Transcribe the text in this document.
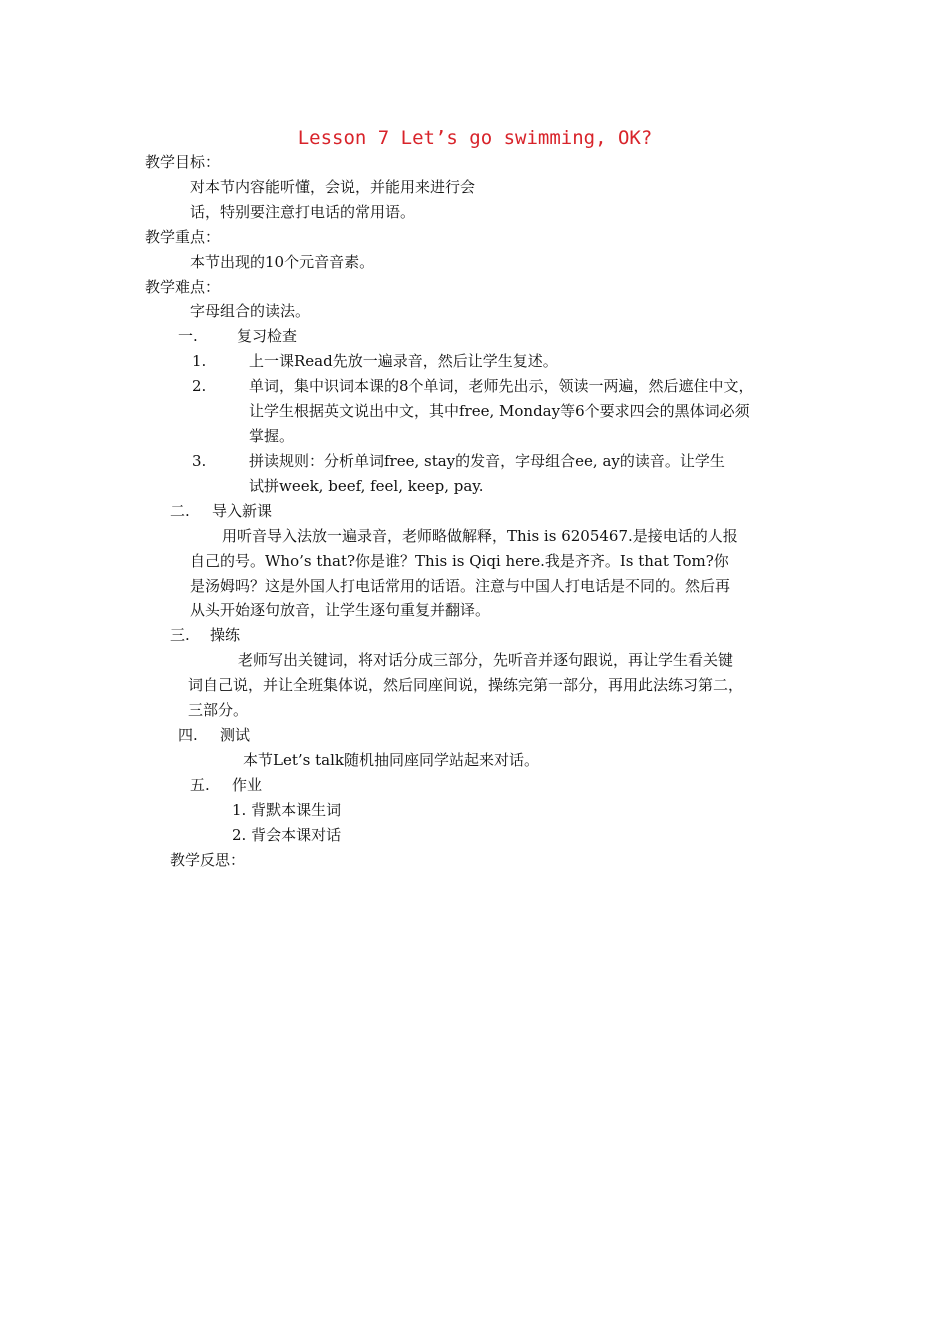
Lesson 7 Let’s go swimming, OK?
教学目标：
对本节内容能听懂，会说，并能用来进行会
话，特别要注意打电话的常用语。
教学重点：
本节出现的10个元音音素。
教学难点：
字母组合的读法。
一.	复习检查
1.	上一课Read先放一遍录音，然后让学生复述。
2.	单词，集中识词本课的8个单词，老师先出示，领读一两遍，然后遮住中文，
让学生根据英文说出中文，其中free, Monday等6个要求四会的黑体词必须
掌握。
3.	拼读规则：分析单词free, stay的发音，字母组合ee, ay的读音。让学生
试拼week, beef, feel, keep, pay.
二. 导入新课
用听音导入法放一遍录音，老师略做解释，This is 6205467.是接电话的人报
自己的号。Who’s that?你是谁？This is Qiqi here.我是齐齐。Is that Tom?你
是汤姆吗？这是外国人打电话常用的话语。注意与中国人打电话是不同的。然后再
从头开始逐句放音，让学生逐句重复并翻译。
三. 操练
老师写出关键词，将对话分成三部分，先听音并逐句跟说，再让学生看关键
词自己说，并让全班集体说，然后同座间说，操练完第一部分，再用此法练习第二，
三部分。
四. 测试
本节Let’s talk随机抽同座同学站起来对话。
五. 作业
1. 背默本课生词
2. 背会本课对话
教学反思：
